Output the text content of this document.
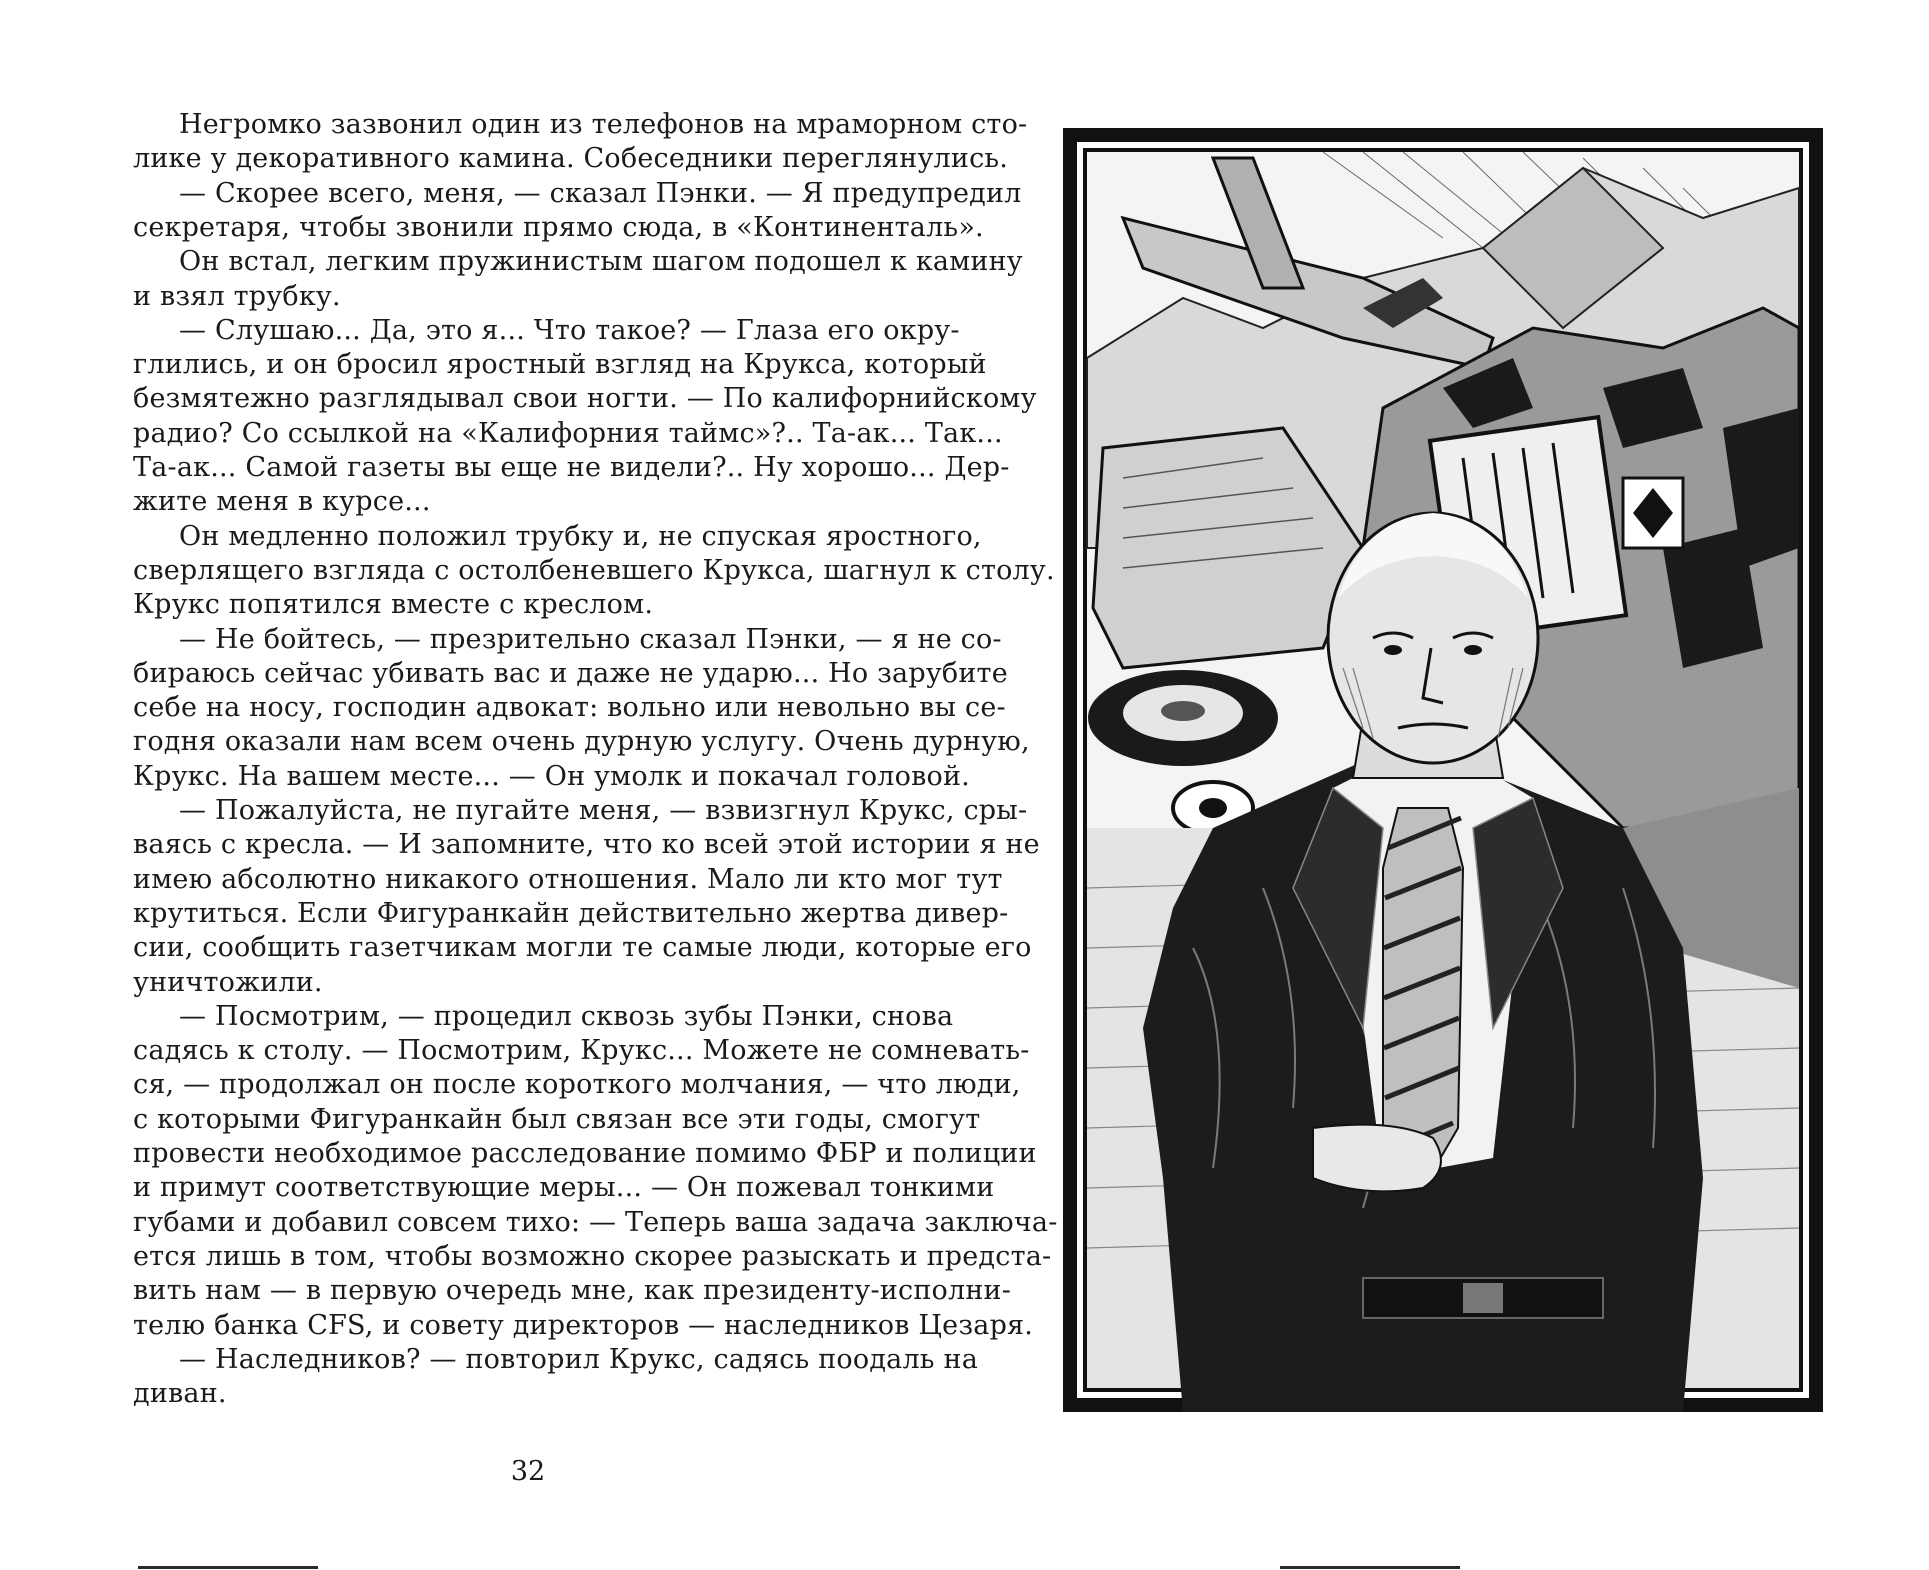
Негромко зазвонил один из телефонов на мраморном сто-
лике у декоративного камина. Собеседники переглянулись.
— Скорее всего, меня, — сказал Пэнки. — Я предупредил
секретаря, чтобы звонили прямо сюда, в «Континенталь».
Он встал, легким пружинистым шагом подошел к камину
и взял трубку.
— Слушаю... Да, это я... Что такое? — Глаза его окру-
глились, и он бросил яростный взгляд на Крукса, который
безмятежно разглядывал свои ногти. — По калифорнийскому
радио? Со ссылкой на «Калифорния таймс»?.. Та-ак... Так...
Та-ак... Самой газеты вы еще не видели?.. Ну хорошо... Дер-
жите меня в курсе...
Он медленно положил трубку и, не спуская яростного,
сверлящего взгляда с остолбеневшего Крукса, шагнул к столу.
Крукс попятился вместе с креслом.
— Не бойтесь, — презрительно сказал Пэнки, — я не со-
бираюсь сейчас убивать вас и даже не ударю... Но зарубите
себе на носу, господин адвокат: вольно или невольно вы се-
годня оказали нам всем очень дурную услугу. Очень дурную,
Крукс. На вашем месте... — Он умолк и покачал головой.
— Пожалуйста, не пугайте меня, — взвизгнул Крукс, сры-
ваясь с кресла. — И запомните, что ко всей этой истории я не
имею абсолютно никакого отношения. Мало ли кто мог тут
крутиться. Если Фигуранкайн действительно жертва дивер-
сии, сообщить газетчикам могли те самые люди, которые его
уничтожили.
— Посмотрим, — процедил сквозь зубы Пэнки, снова
садясь к столу. — Посмотрим, Крукс... Можете не сомневать-
ся, — продолжал он после короткого молчания, — что люди,
с которыми Фигуранкайн был связан все эти годы, смогут
провести необходимое расследование помимо ФБР и полиции
и примут соответствующие меры... — Он пожевал тонкими
губами и добавил совсем тихо: — Теперь ваша задача заключа-
ется лишь в том, чтобы возможно скорее разыскать и предста-
вить нам — в первую очередь мне, как президенту-исполни-
телю банка CFS, и совету директоров — наследников Цезаря.
— Наследников? — повторил Крукс, садясь поодаль на
диван.
32
